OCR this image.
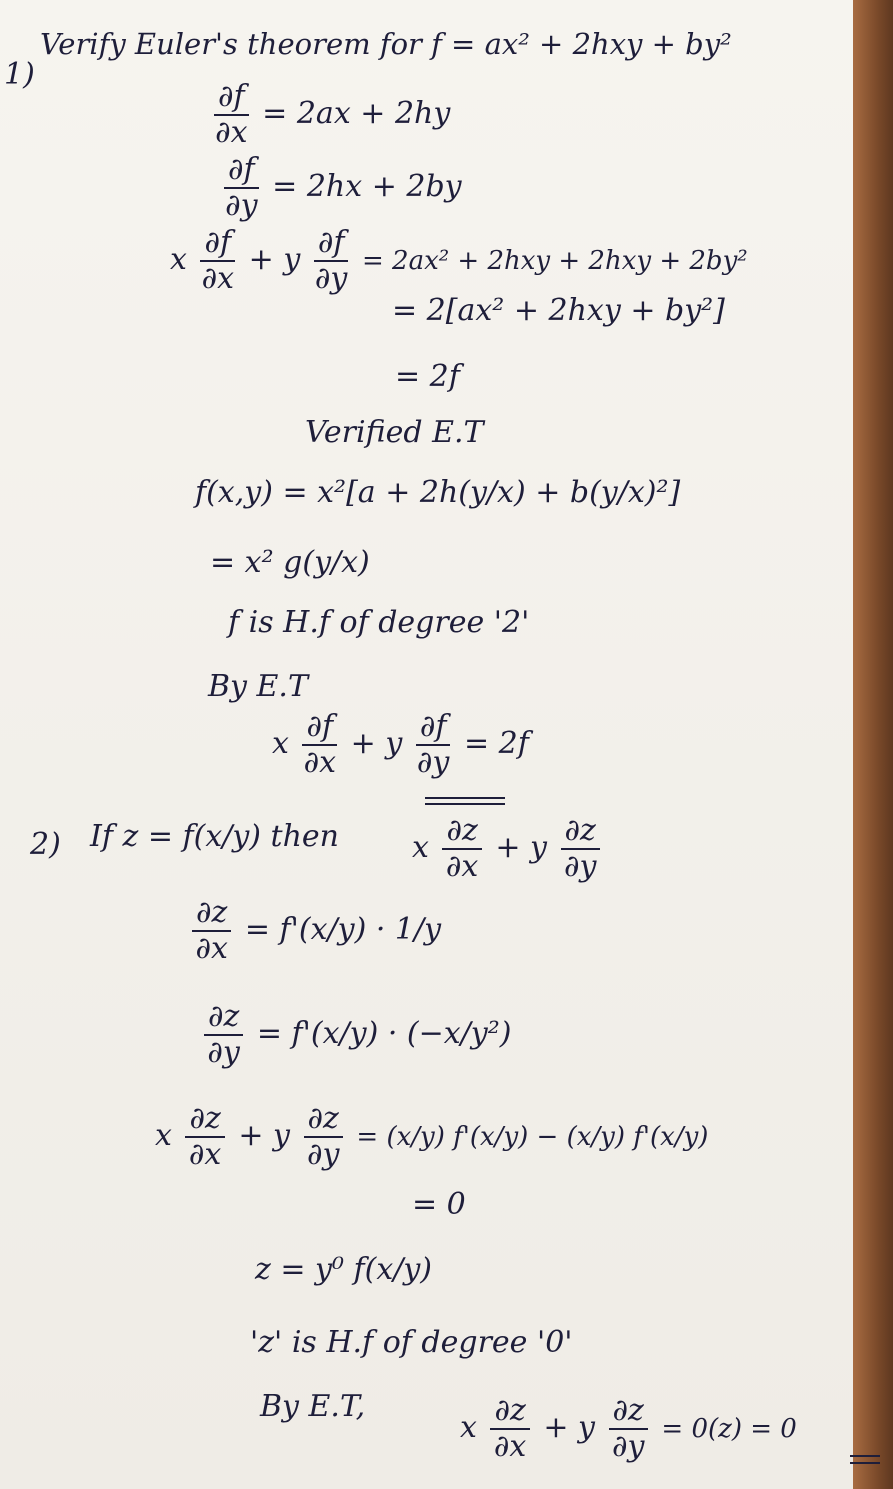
1)
Verify Euler's theorem for f = ax² + 2hxy + by²
$\frac{\partial f}{\partial x} = 2ax + 2hy$
$\frac{\partial f}{\partial y} = 2hx + 2by$
x $\frac{\partial f}{\partial x} + y \frac{\partial f}{\partial y} = 2ax^2 + 2hxy + 2hxy + 2by^2$
= 2[ax² + 2hxy + by²]
= 2f
Verified E.T
f(x,y) = x²[a + 2h(y/x) + b(y/x)²]
= x² g(y/x)
f is H.f of degree '2'
By E.T
x $\frac{\partial f}{\partial x} + y \frac{\partial f}{\partial y} = 2f$
2) If z = f(x/y) then x $\frac{\partial z}{\partial x} + y \frac{\partial z}{\partial y}$
$\frac{\partial z}{\partial x} = f'(x/y) \cdot 1/y$
$\frac{\partial z}{\partial y} = f'(x/y) \cdot (-x/y^2)$
x $\frac{\partial z}{\partial x} + y \frac{\partial z}{\partial y} = (x/y) f'(x/y) - (x/y)$ f'(x/y)
= 0
z = y⁰ f(x/y)
'z' is H.f of degree '0'
By E.T,
x $\frac{\partial z}{\partial x} + y \frac{\partial z}{\partial y} = 0(z) = 0$
